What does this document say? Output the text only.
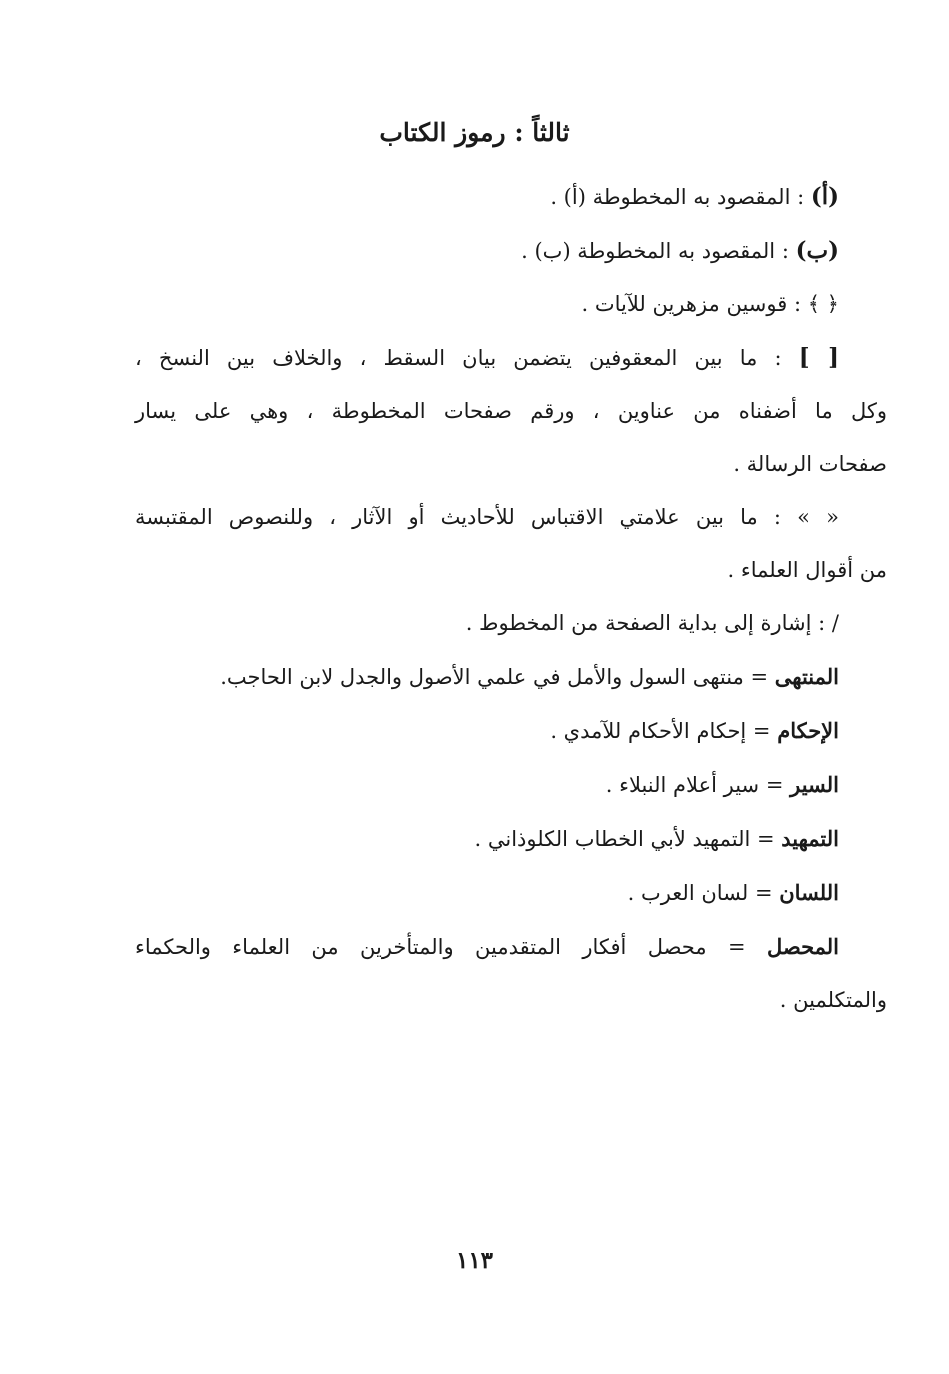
ثالثاً : رموز الكتاب
(أ) : المقصود به المخطوطة (أ) .
(ب) : المقصود به المخطوطة (ب) .
﴿ ﴾ : قوسين مزهرين للآيات .
[ ] : ما بين المعقوفين يتضمن بيان السقط ، والخلاف بين النسخ ،
وكل ما أضفناه من عناوين ، ورقم صفحات المخطوطة ، وهي على يسار
صفحات الرسالة .
« » : ما بين علامتي الاقتباس للأحاديث أو الآثار ، وللنصوص المقتبسة
من أقوال العلماء .
/ : إشارة إلى بداية الصفحة من المخطوط .
المنتهى = منتهى السول والأمل في علمي الأصول والجدل لابن الحاجب.
الإحكام = إحكام الأحكام للآمدي .
السير = سير أعلام النبلاء .
التمهيد = التمهيد لأبي الخطاب الكلوذاني .
اللسان = لسان العرب .
المحصل = محصل أفكار المتقدمين والمتأخرين من العلماء والحكماء
والمتكلمين .
١١٣
